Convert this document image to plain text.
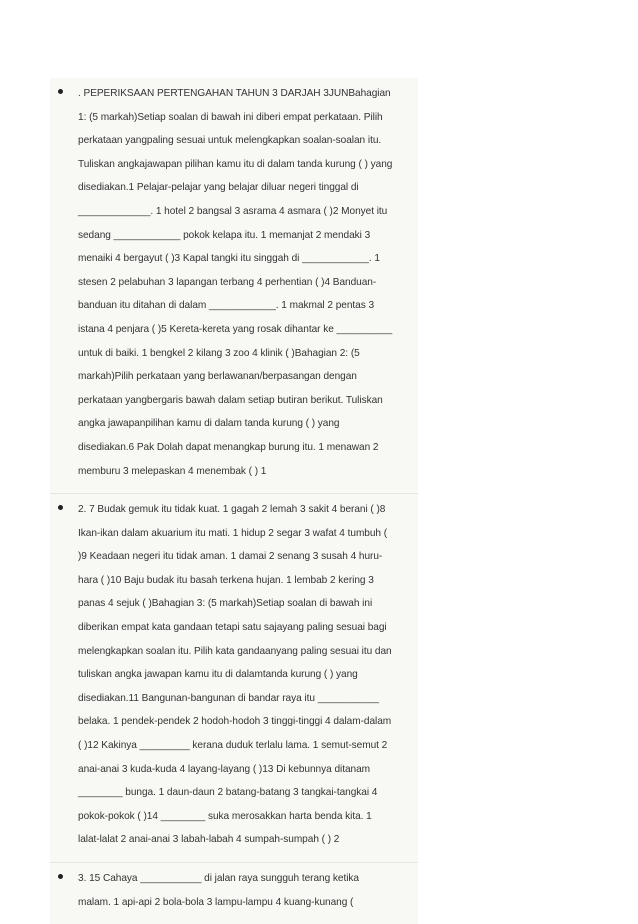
. PEPERIKSAAN PERTENGAHAN TAHUN 3 DARJAH 3JUNBahagian
1: (5 markah)Setiap soalan di bawah ini diberi empat perkataan. Pilih
perkataan yangpaling sesuai untuk melengkapkan soalan-soalan itu.
Tuliskan angkajawapan pilihan kamu itu di dalam tanda kurung ( ) yang
disediakan.1 Pelajar-pelajar yang belajar diluar negeri tinggal di
_____________. 1 hotel 2 bangsal 3 asrama 4 asmara ( )2 Monyet itu
sedang ____________ pokok kelapa itu. 1 memanjat 2 mendaki 3
menaiki 4 bergayut ( )3 Kapal tangki itu singgah di ____________. 1
stesen 2 pelabuhan 3 lapangan terbang 4 perhentian ( )4 Banduan-
banduan itu ditahan di dalam ____________. 1 makmal 2 pentas 3
istana 4 penjara ( )5 Kereta-kereta yang rosak dihantar ke __________
untuk di baiki. 1 bengkel 2 kilang 3 zoo 4 klinik ( )Bahagian 2: (5
markah)Pilih perkataan yang berlawanan/berpasangan dengan
perkataan yangbergaris bawah dalam setiap butiran berikut. Tuliskan
angka jawapanpilihan kamu di dalam tanda kurung ( ) yang
disediakan.6 Pak Dolah dapat menangkap burung itu. 1 menawan 2
memburu 3 melepaskan 4 menembak ( ) 1
2. 7 Budak gemuk itu tidak kuat. 1 gagah 2 lemah 3 sakit 4 berani ( )8
Ikan-ikan dalam akuarium itu mati. 1 hidup 2 segar 3 wafat 4 tumbuh (
)9 Keadaan negeri itu tidak aman. 1 damai 2 senang 3 susah 4 huru-
hara ( )10 Baju budak itu basah terkena hujan. 1 lembab 2 kering 3
panas 4 sejuk ( )Bahagian 3: (5 markah)Setiap soalan di bawah ini
diberikan empat kata gandaan tetapi satu sajayang paling sesuai bagi
melengkapkan soalan itu. Pilih kata gandaanyang paling sesuai itu dan
tuliskan angka jawapan kamu itu di dalamtanda kurung ( ) yang
disediakan.11 Bangunan-bangunan di bandar raya itu ___________
belaka. 1 pendek-pendek 2 hodoh-hodoh 3 tinggi-tinggi 4 dalam-dalam
( )12 Kakinya _________ kerana duduk terlalu lama. 1 semut-semut 2
anai-anai 3 kuda-kuda 4 layang-layang ( )13 Di kebunnya ditanam
________ bunga. 1 daun-daun 2 batang-batang 3 tangkai-tangkai 4
pokok-pokok ( )14 ________ suka merosakkan harta benda kita. 1
lalat-lalat 2 anai-anai 3 labah-labah 4 sumpah-sumpah ( ) 2
3. 15 Cahaya ___________ di jalan raya sungguh terang ketika
malam. 1 api-api 2 bola-bola 3 lampu-lampu 4 kuang-kunang (
